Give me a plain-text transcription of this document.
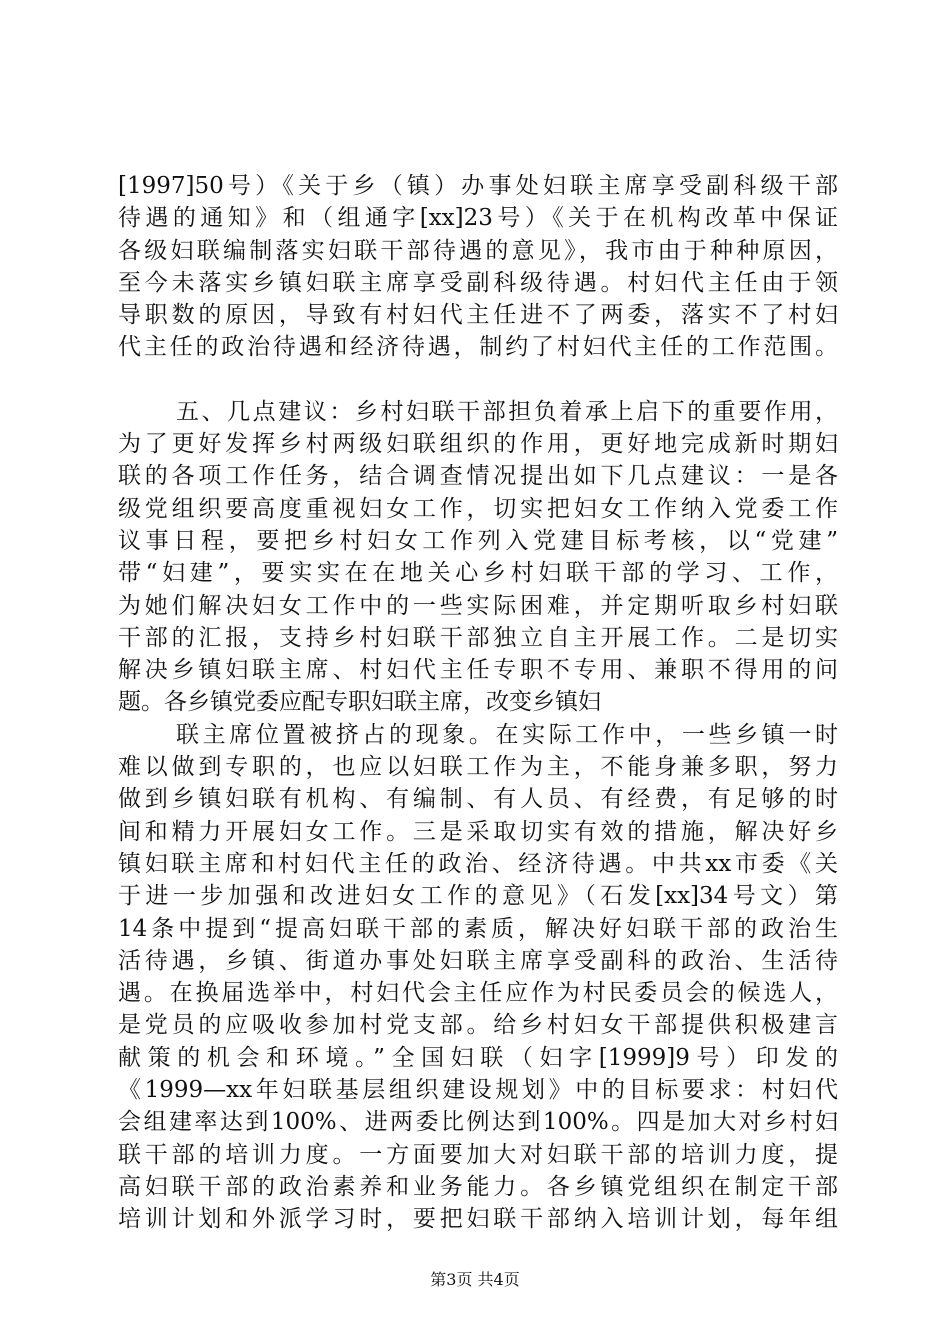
[1997]50号）《关于乡（镇）办事处妇联主席享受副科级干部
待遇的通知》和（组通字[xx]23号）《关于在机构改革中保证
各级妇联编制落实妇联干部待遇的意见》，我市由于种种原因，
至今未落实乡镇妇联主席享受副科级待遇。村妇代主任由于领
导职数的原因，导致有村妇代主任进不了两委，落实不了村妇
代主任的政治待遇和经济待遇，制约了村妇代主任的工作范围。
五、几点建议：乡村妇联干部担负着承上启下的重要作用，
为了更好发挥乡村两级妇联组织的作用，更好地完成新时期妇
联的各项工作任务，结合调查情况提出如下几点建议：一是各
级党组织要高度重视妇女工作，切实把妇女工作纳入党委工作
议事日程，要把乡村妇女工作列入党建目标考核，以“党建”
带“妇建”，要实实在在地关心乡村妇联干部的学习、工作，
为她们解决妇女工作中的一些实际困难，并定期听取乡村妇联
干部的汇报，支持乡村妇联干部独立自主开展工作。二是切实
解决乡镇妇联主席、村妇代主任专职不专用、兼职不得用的问
题。各乡镇党委应配专职妇联主席，改变乡镇妇
联主席位置被挤占的现象。在实际工作中，一些乡镇一时
难以做到专职的，也应以妇联工作为主，不能身兼多职，努力
做到乡镇妇联有机构、有编制、有人员、有经费，有足够的时
间和精力开展妇女工作。三是采取切实有效的措施，解决好乡
镇妇联主席和村妇代主任的政治、经济待遇。中共xx市委《关
于进一步加强和改进妇女工作的意见》（石发[xx]34号文）第
14条中提到“提高妇联干部的素质，解决好妇联干部的政治生
活待遇，乡镇、街道办事处妇联主席享受副科的政治、生活待
遇。在换届选举中，村妇代会主任应作为村民委员会的候选人，
是党员的应吸收参加村党支部。给乡村妇女干部提供积极建言
献策的机会和环境。”全国妇联（妇字[1999]9号）印发的
《1999—xx年妇联基层组织建设规划》中的目标要求：村妇代
会组建率达到100%、进两委比例达到100%。四是加大对乡村妇
联干部的培训力度。一方面要加大对妇联干部的培训力度，提
高妇联干部的政治素养和业务能力。各乡镇党组织在制定干部
培训计划和外派学习时，要把妇联干部纳入培训计划，每年组
第3页 共4页
